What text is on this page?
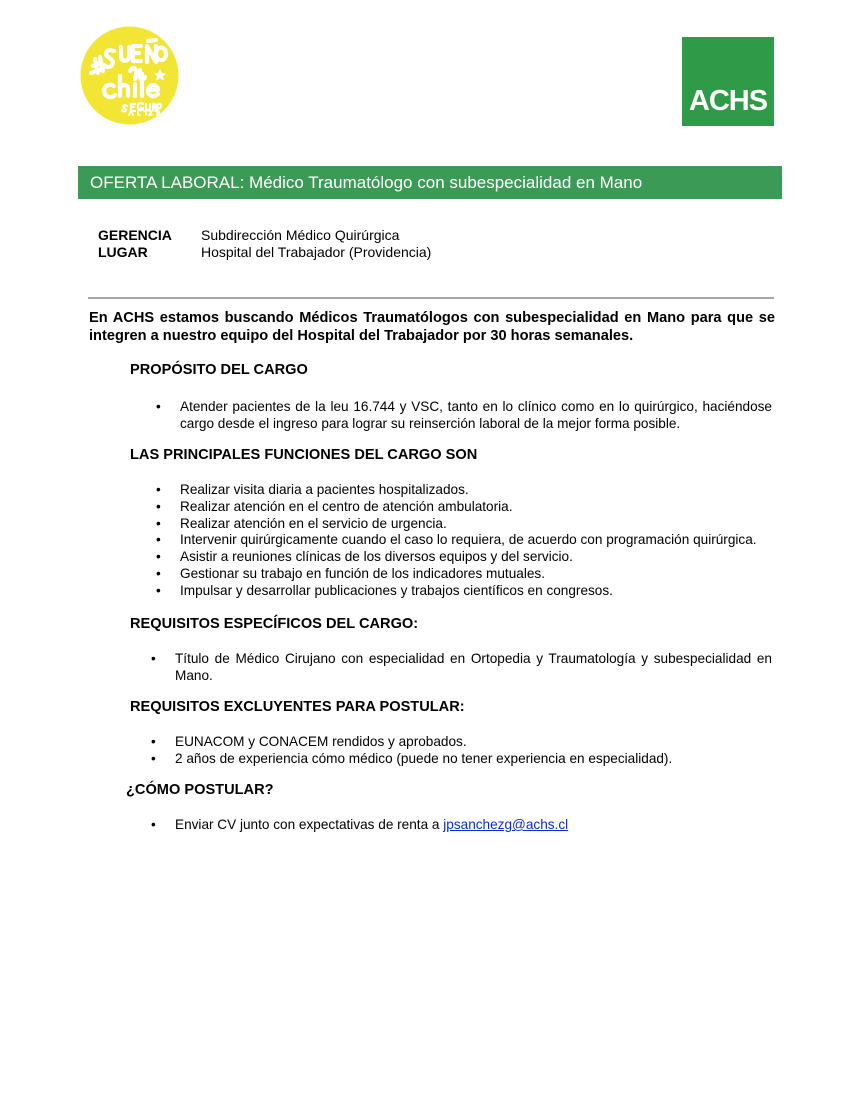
ACHS
OFERTA LABORAL: Médico Traumatólogo con subespecialidad en Mano
GERENCIA	Subdirección Médico Quirúrgica
LUGAR	Hospital del Trabajador (Providencia)
En ACHS estamos buscando Médicos Traumatólogos con subespecialidad en Mano para que se integren a nuestro equipo del Hospital del Trabajador por 30 horas semanales.
PROPÓSITO DEL CARGO
• Atender pacientes de la leu 16.744 y VSC, tanto en lo clínico como en lo quirúrgico, haciéndose cargo desde el ingreso para lograr su reinserción laboral de la mejor forma posible.
LAS PRINCIPALES FUNCIONES DEL CARGO SON
• Realizar visita diaria a pacientes hospitalizados.
• Realizar atención en el centro de atención ambulatoria.
• Realizar atención en el servicio de urgencia.
• Intervenir quirúrgicamente cuando el caso lo requiera, de acuerdo con programación quirúrgica.
• Asistir a reuniones clínicas de los diversos equipos y del servicio.
• Gestionar su trabajo en función de los indicadores mutuales.
• Impulsar y desarrollar publicaciones y trabajos científicos en congresos.
REQUISITOS ESPECÍFICOS DEL CARGO:
• Título de Médico Cirujano con especialidad en Ortopedia y Traumatología y subespecialidad en Mano.
REQUISITOS EXCLUYENTES PARA POSTULAR:
• EUNACOM y CONACEM rendidos y aprobados.
• 2 años de experiencia cómo médico (puede no tener experiencia en especialidad).
¿CÓMO POSTULAR?
• Enviar CV junto con expectativas de renta a jpsanchezg@achs.cl
